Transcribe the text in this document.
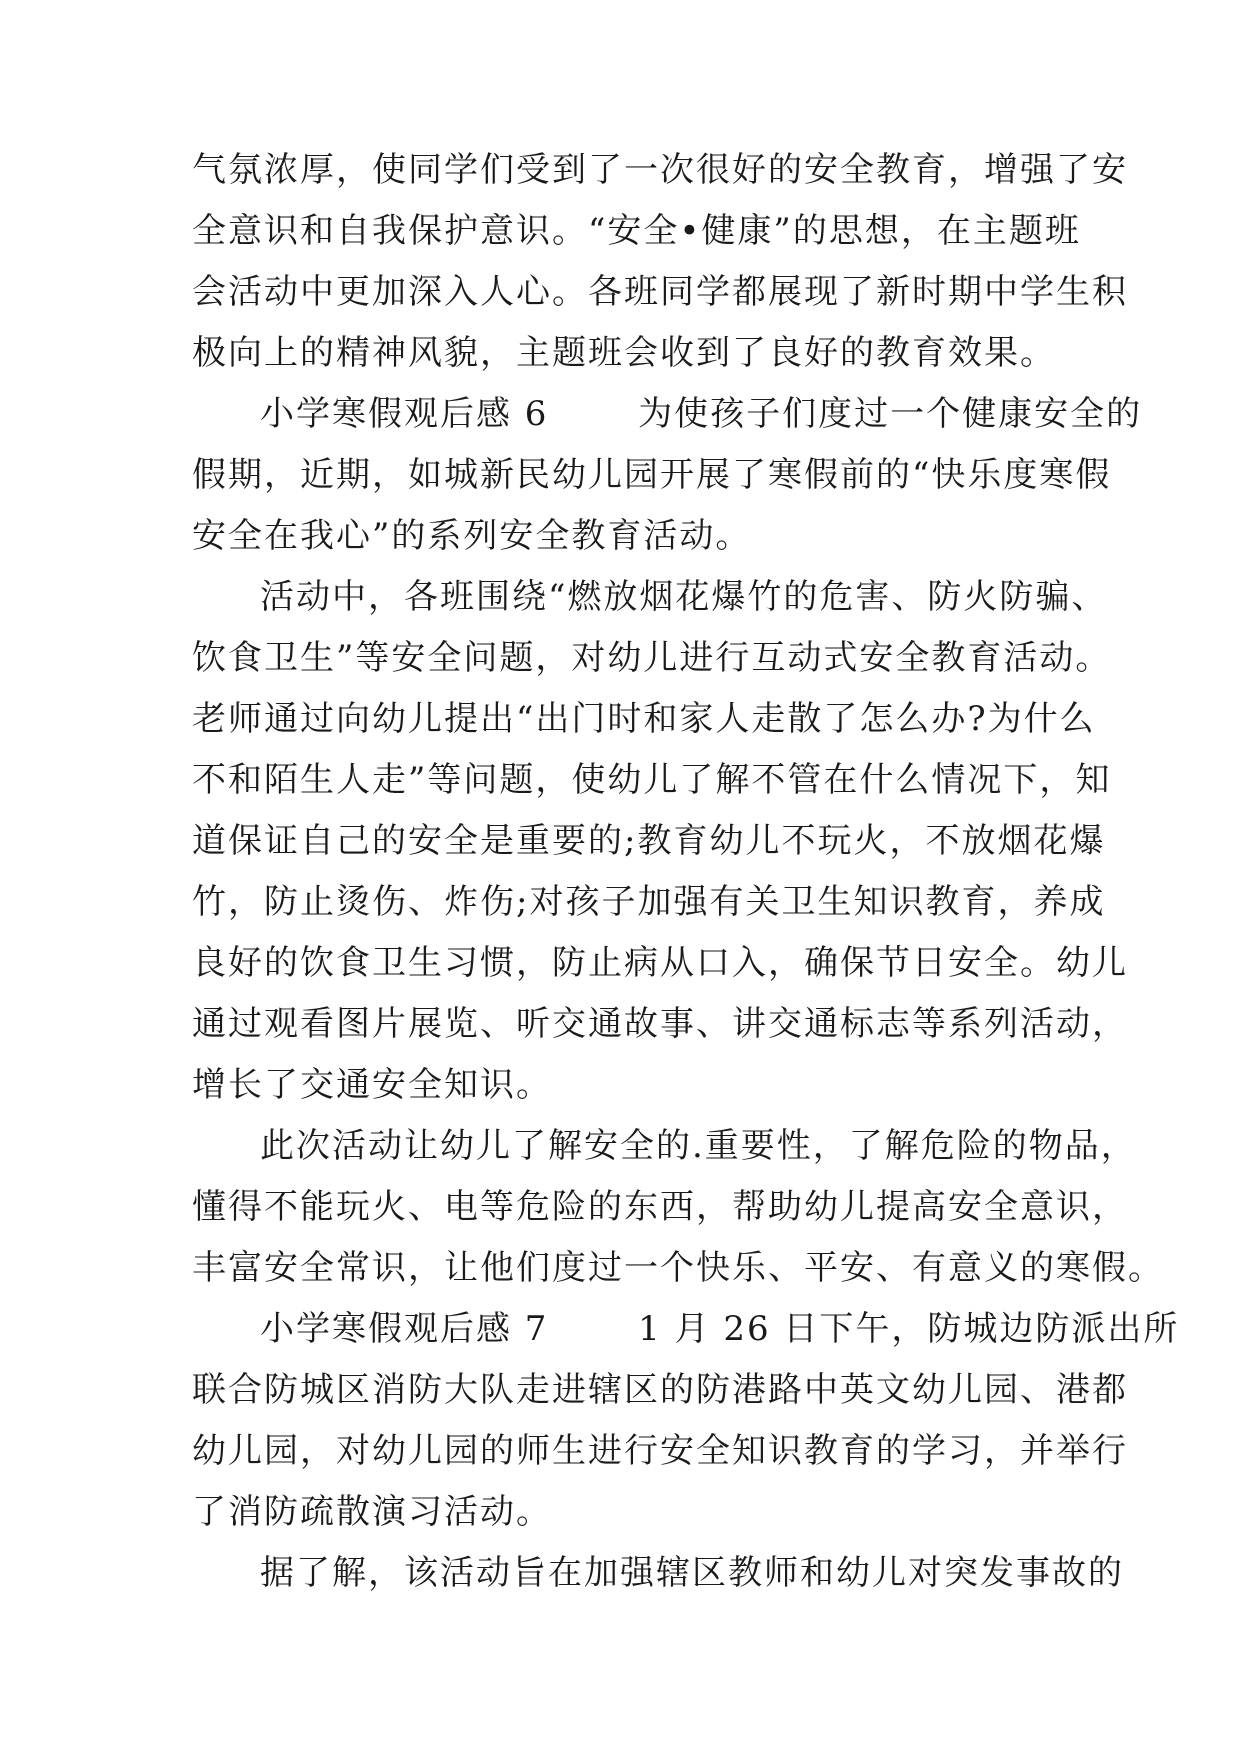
气氛浓厚，使同学们受到了一次很好的安全教育，增强了安
全意识和自我保护意识。“安全•健康”的思想，在主题班
会活动中更加深入人心。各班同学都展现了新时期中学生积
极向上的精神风貌，主题班会收到了良好的教育效果。
小学寒假观后感 6       为使孩子们度过一个健康安全的
假期，近期，如城新民幼儿园开展了寒假前的“快乐度寒假
安全在我心”的系列安全教育活动。
活动中，各班围绕“燃放烟花爆竹的危害、防火防骗、
饮食卫生”等安全问题，对幼儿进行互动式安全教育活动。
老师通过向幼儿提出“出门时和家人走散了怎么办?为什么
不和陌生人走”等问题，使幼儿了解不管在什么情况下，知
道保证自己的安全是重要的;教育幼儿不玩火，不放烟花爆
竹，防止烫伤、炸伤;对孩子加强有关卫生知识教育，养成
良好的饮食卫生习惯，防止病从口入，确保节日安全。幼儿
通过观看图片展览、听交通故事、讲交通标志等系列活动，
增长了交通安全知识。
此次活动让幼儿了解安全的.重要性，了解危险的物品，
懂得不能玩火、电等危险的东西，帮助幼儿提高安全意识，
丰富安全常识，让他们度过一个快乐、平安、有意义的寒假。
小学寒假观后感 7       1 月 26 日下午，防城边防派出所
联合防城区消防大队走进辖区的防港路中英文幼儿园、港都
幼儿园，对幼儿园的师生进行安全知识教育的学习，并举行
了消防疏散演习活动。
据了解，该活动旨在加强辖区教师和幼儿对突发事故的
